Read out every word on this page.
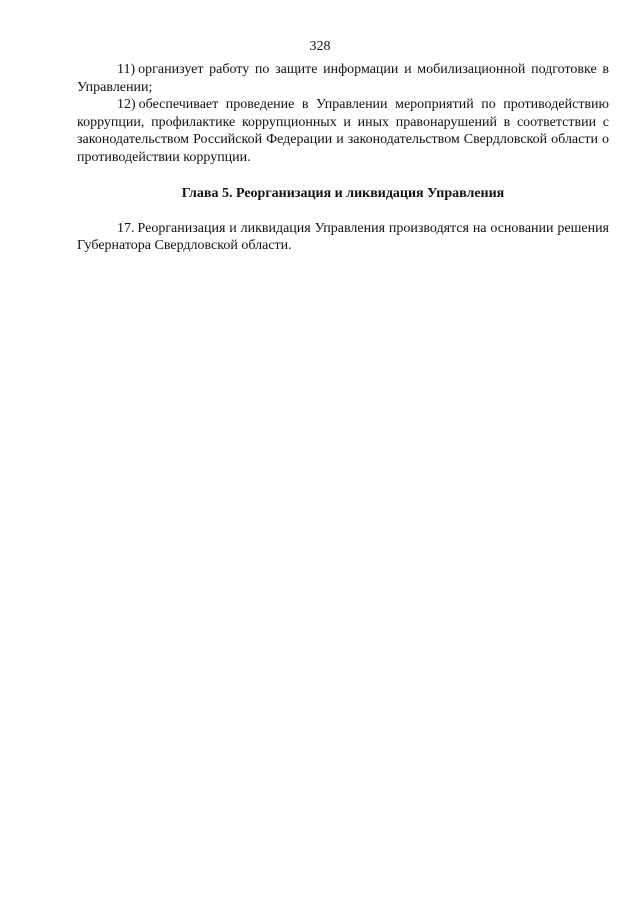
328

11) организует работу по защите информации и мобилизационной подготовке в Управлении;

12) обеспечивает проведение в Управлении мероприятий по противодействию коррупции, профилактике коррупционных и иных правонарушений в соответствии с законодательством Российской Федерации и законодательством Свердловской области о противодействии коррупции.

Глава 5. Реорганизация и ликвидация Управления

17. Реорганизация и ликвидация Управления производятся на основании решения Губернатора Свердловской области.
